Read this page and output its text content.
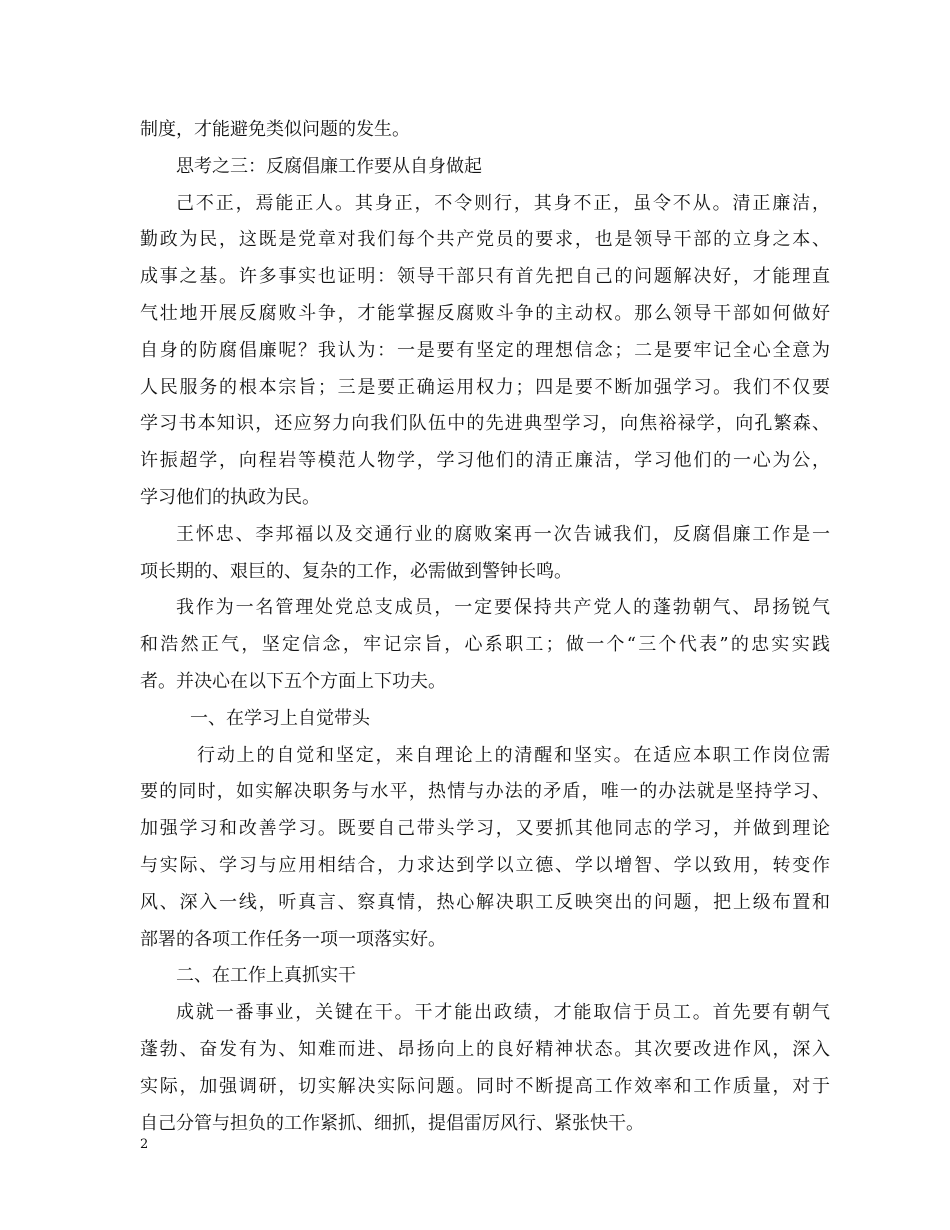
制度，才能避免类似问题的发生。
思考之三：反腐倡廉工作要从自身做起
己不正，焉能正人。其身正，不令则行，其身不正，虽令不从。清正廉洁，
勤政为民，这既是党章对我们每个共产党员的要求，也是领导干部的立身之本、
成事之基。许多事实也证明：领导干部只有首先把自己的问题解决好，才能理直
气壮地开展反腐败斗争，才能掌握反腐败斗争的主动权。那么领导干部如何做好
自身的防腐倡廉呢？我认为：一是要有坚定的理想信念；二是要牢记全心全意为
人民服务的根本宗旨；三是要正确运用权力；四是要不断加强学习。我们不仅要
学习书本知识，还应努力向我们队伍中的先进典型学习，向焦裕禄学，向孔繁森、
许振超学，向程岩等模范人物学，学习他们的清正廉洁，学习他们的一心为公，
学习他们的执政为民。
王怀忠、李邦福以及交通行业的腐败案再一次告诫我们，反腐倡廉工作是一
项长期的、艰巨的、复杂的工作，必需做到警钟长鸣。
我作为一名管理处党总支成员，一定要保持共产党人的蓬勃朝气、昂扬锐气
和浩然正气，坚定信念，牢记宗旨，心系职工；做一个“三个代表”的忠实实践
者。并决心在以下五个方面上下功夫。
一、在学习上自觉带头
行动上的自觉和坚定，来自理论上的清醒和坚实。在适应本职工作岗位需
要的同时，如实解决职务与水平，热情与办法的矛盾，唯一的办法就是坚持学习、
加强学习和改善学习。既要自己带头学习，又要抓其他同志的学习，并做到理论
与实际、学习与应用相结合，力求达到学以立德、学以增智、学以致用，转变作
风、深入一线，听真言、察真情，热心解决职工反映突出的问题，把上级布置和
部署的各项工作任务一项一项落实好。
二、在工作上真抓实干
成就一番事业，关键在干。干才能出政绩，才能取信于员工。首先要有朝气
蓬勃、奋发有为、知难而进、昂扬向上的良好精神状态。其次要改进作风，深入
实际，加强调研，切实解决实际问题。同时不断提高工作效率和工作质量，对于
自己分管与担负的工作紧抓、细抓，提倡雷厉风行、紧张快干。
2
